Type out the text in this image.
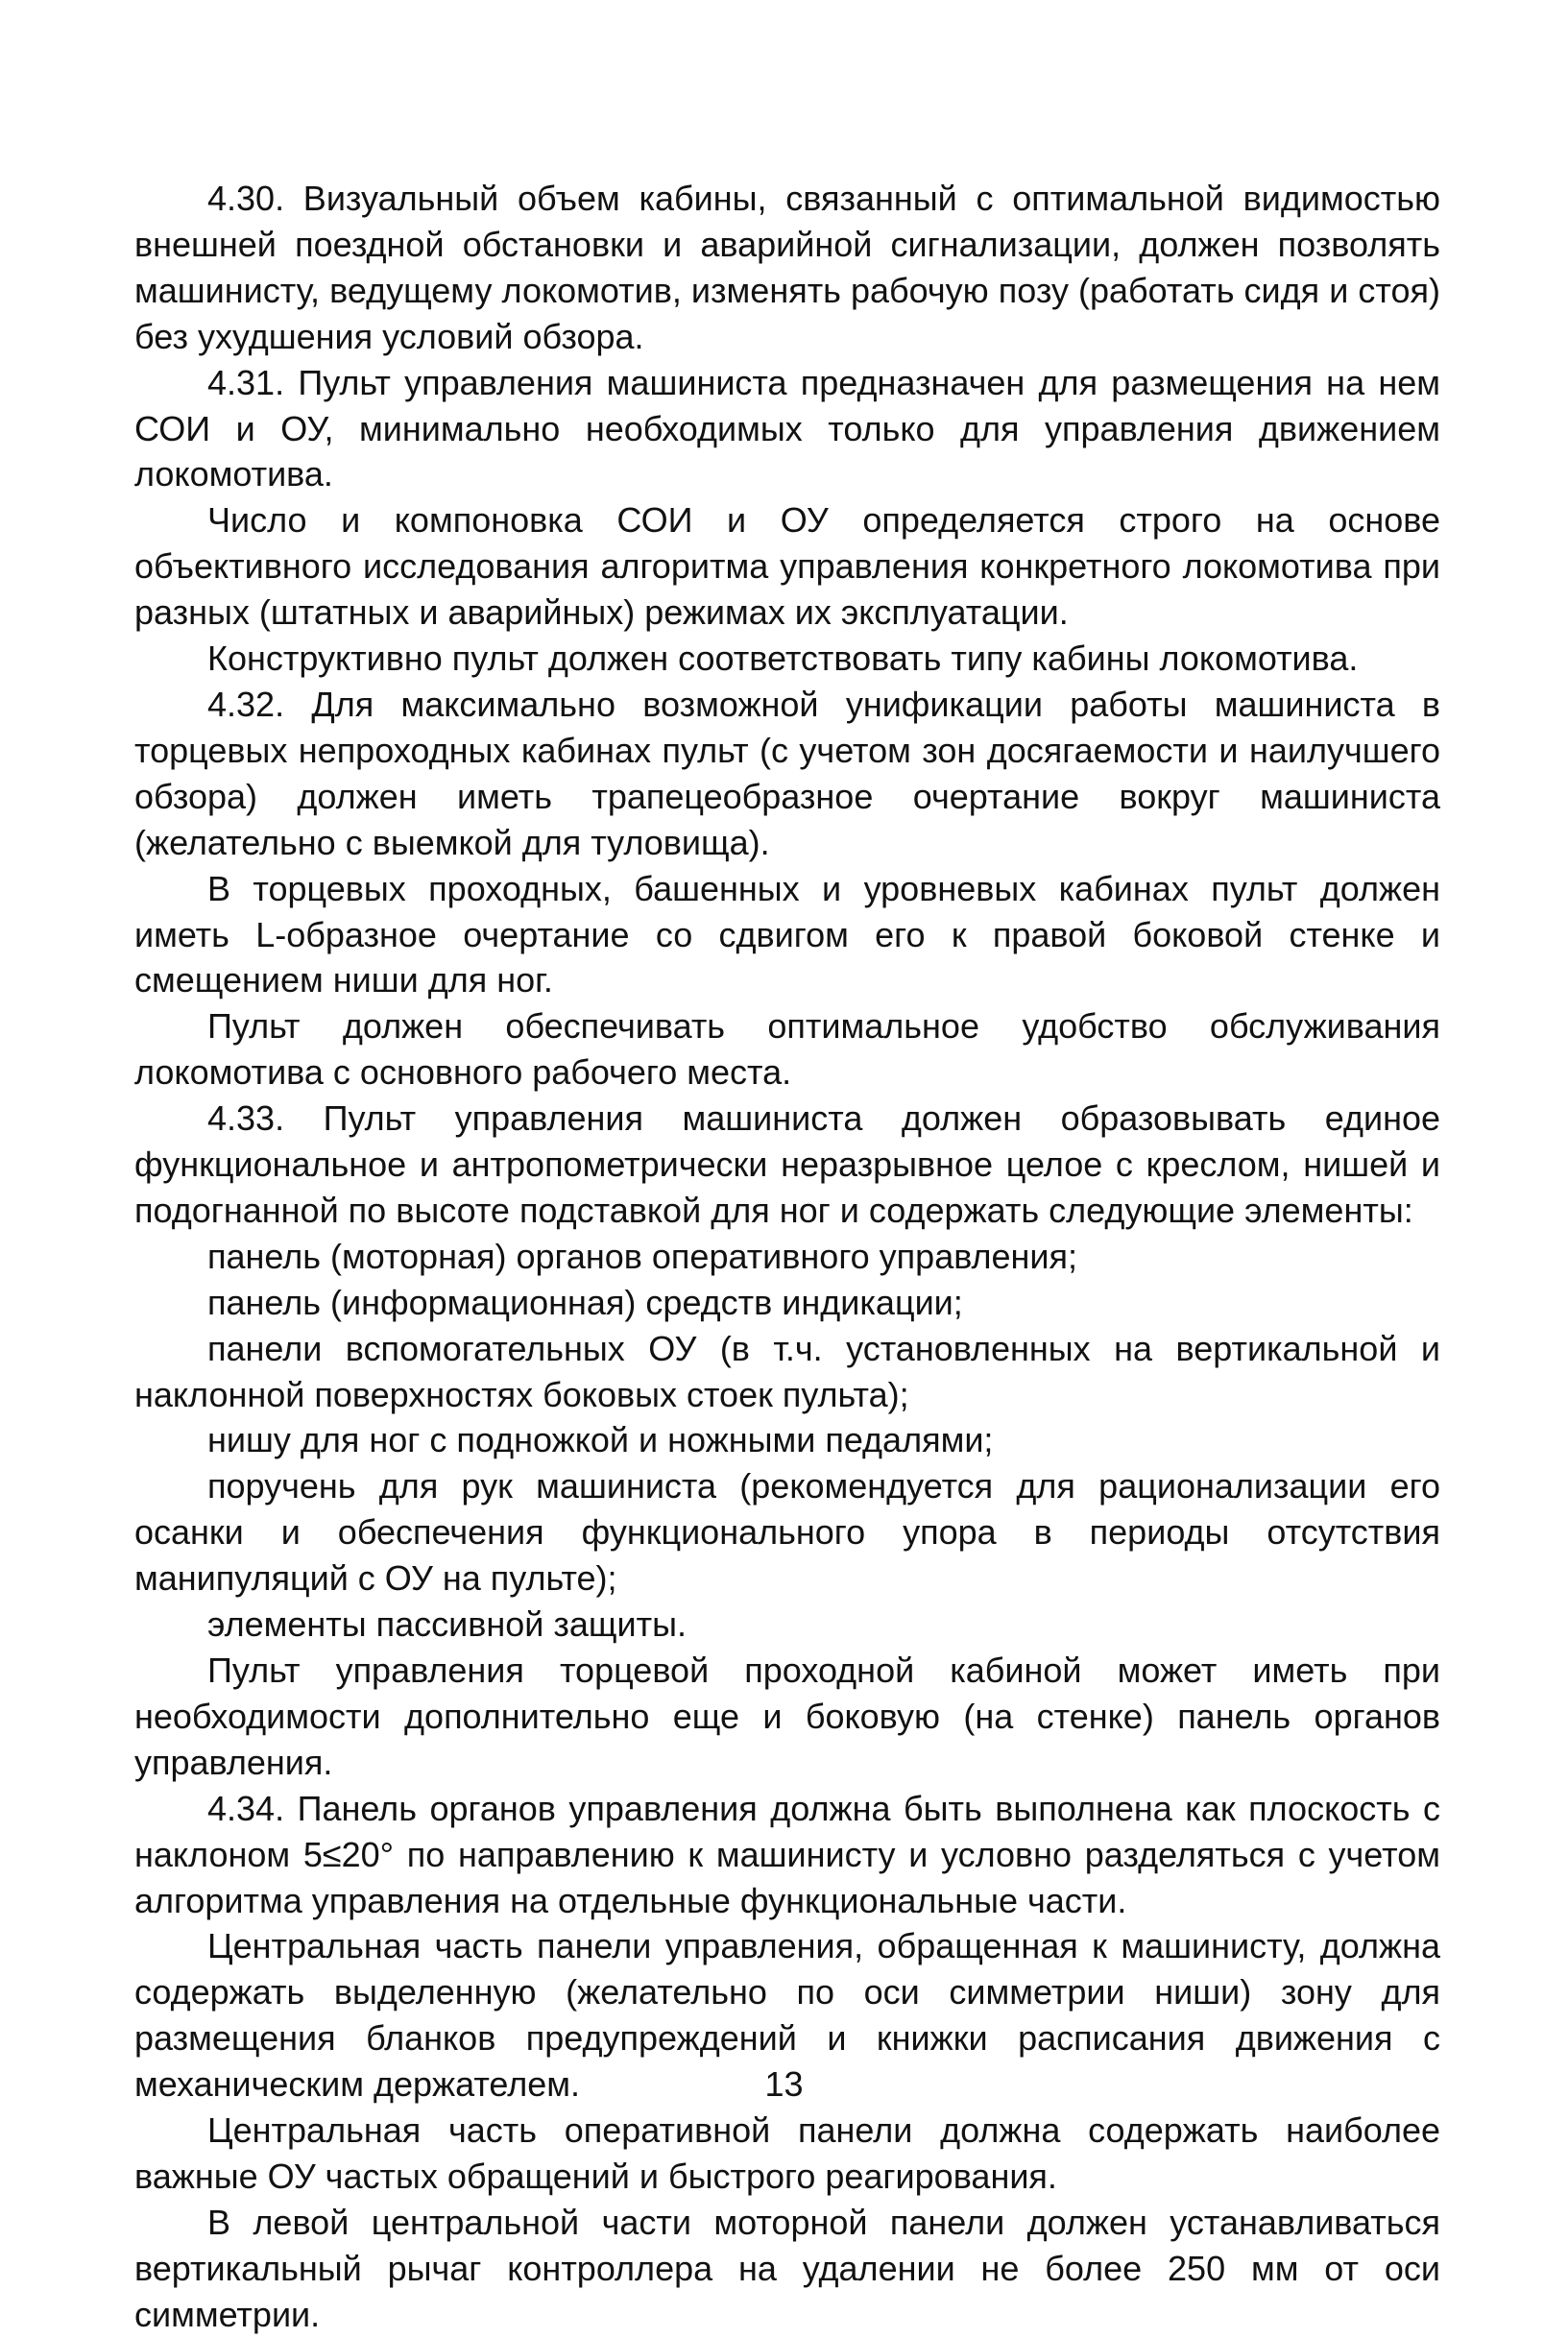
4.30. Визуальный объем кабины, связанный с оптимальной видимостью внешней поездной обстановки и аварийной сигнализации, должен позволять машинисту, ведущему локомотив, изменять рабочую позу (работать сидя и стоя) без ухудшения условий обзора.

4.31. Пульт управления машиниста предназначен для размещения на нем СОИ и ОУ, минимально необходимых только для управления движением локомотива.

Число и компоновка СОИ и ОУ определяется строго на основе объективного исследования алгоритма управления конкретного локомотива при разных (штатных и аварийных) режимах их эксплуатации.

Конструктивно пульт должен соответствовать типу кабины локомотива.

4.32. Для максимально возможной унификации работы машиниста в торцевых непроходных кабинах пульт (с учетом зон досягаемости и наилучшего обзора) должен иметь трапецеобразное очертание вокруг машиниста (желательно с выемкой для туловища).

В торцевых проходных, башенных и уровневых кабинах пульт должен иметь L-образное очертание со сдвигом его к правой боковой стенке и смещением ниши для ног.

Пульт должен обеспечивать оптимальное удобство обслуживания локомотива с основного рабочего места.

4.33. Пульт управления машиниста должен образовывать единое функциональное и антропометрически неразрывное целое с креслом, нишей и подогнанной по высоте подставкой для ног и содержать следующие элементы:

панель (моторная) органов оперативного управления;

панель (информационная) средств индикации;

панели вспомогательных ОУ (в т.ч. установленных на вертикальной и наклонной поверхностях боковых стоек пульта);

нишу для ног с подножкой и ножными педалями;

поручень для рук машиниста (рекомендуется для рационализации его осанки и обеспечения функционального упора в периоды отсутствия манипуляций с ОУ на пульте);

элементы пассивной защиты.

Пульт управления торцевой проходной кабиной может иметь при необходимости дополнительно еще и боковую (на стенке) панель органов управления.

4.34. Панель органов управления должна быть выполнена как плоскость с наклоном 5≤20° по направлению к машинисту и условно разделяться с учетом алгоритма управления на отдельные функциональные части.

Центральная часть панели управления, обращенная к машинисту, должна содержать выделенную (желательно по оси симметрии ниши) зону для размещения бланков предупреждений и книжки расписания движения с механическим держателем.

Центральная часть оперативной панели должна содержать наиболее важные ОУ частых обращений и быстрого реагирования.

В левой центральной части моторной панели должен устанавливаться вертикальный рычаг контроллера на удалении не более 250 мм от оси симметрии.

13
